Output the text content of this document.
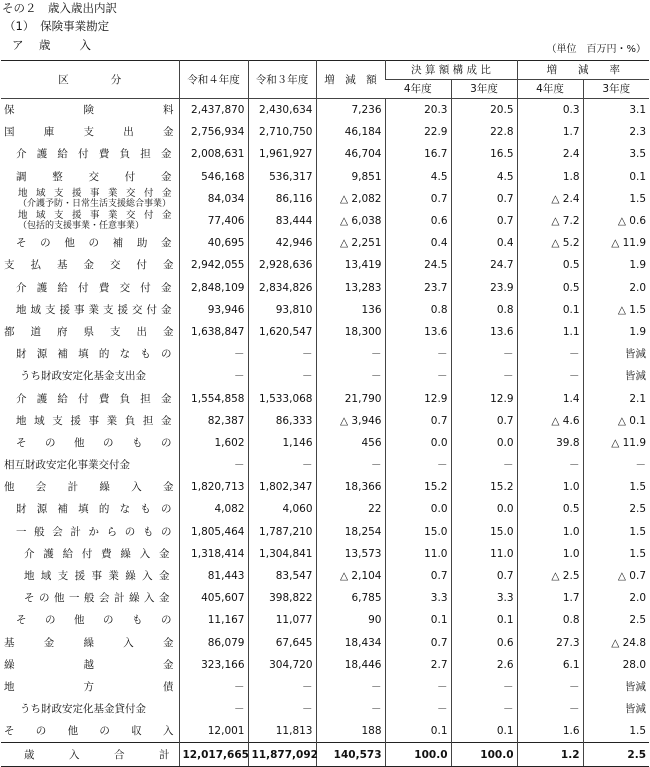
その２　歳入歳出内訳
（1）　保険事業勘定
ア　歳　　入	（単位　百万円・%）
区　　　　分	令和４年度	令和３年度	増　減　額	決 算 額 構 成 比		増　　減　　率	
				4年度	3年度	4年度	3年度

保険料	2,437,870	2,430,634	7,236	20.3	20.5	0.3	3.1

国庫支出金	2,756,934	2,710,750	46,184	22.9	22.8	1.7	2.3

介護給付費負担金	2,008,631	1,961,927	46,704	16.7	16.5	2.4	3.5

調整交付金	546,168	536,317	9,851	4.5	4.5	1.8	0.1

地域支援事業交付金
（介護予防・日常生活支援総合事業）	84,034	86,116	△ 2,082	0.7	0.7	△ 2.4	1.5

地域支援事業交付金
（包括的支援事業・任意事業）	77,406	83,444	△ 6,038	0.6	0.7	△ 7.2	△ 0.6

その他の補助金	40,695	42,946	△ 2,251	0.4	0.4	△ 5.2	△ 11.9

支払基金交付金	2,942,055	2,928,636	13,419	24.5	24.7	0.5	1.9

介護給付費交付金	2,848,109	2,834,826	13,283	23.7	23.9	0.5	2.0

地域支援事業支援交付金	93,946	93,810	136	0.8	0.8	0.1	△ 1.5

都道府県支出金	1,638,847	1,620,547	18,300	13.6	13.6	1.1	1.9

財源補填的なもの	－	－	－	－	－	－	皆減
うち財政安定化基金支出金	－	－	－	－	－	－	皆減

介護給付費負担金	1,554,858	1,533,068	21,790	12.9	12.9	1.4	2.1

地域支援事業負担金	82,387	86,333	△ 3,946	0.7	0.7	△ 4.6	△ 0.1

その他のもの	1,602	1,146	456	0.0	0.0	39.8	△ 11.9
相互財政安定化事業交付金	－	－	－	－	－	－	－

他会計繰入金	1,820,713	1,802,347	18,366	15.2	15.2	1.0	1.5

財源補填的なもの	4,082	4,060	22	0.0	0.0	0.5	2.5

一般会計からのもの	1,805,464	1,787,210	18,254	15.0	15.0	1.0	1.5

介護給付費繰入金	1,318,414	1,304,841	13,573	11.0	11.0	1.0	1.5

地域支援事業繰入金	81,443	83,547	△ 2,104	0.7	0.7	△ 2.5	△ 0.7

その他一般会計繰入金	405,607	398,822	6,785	3.3	3.3	1.7	2.0

その他のもの	11,167	11,077	90	0.1	0.1	0.8	2.5

基金繰入金	86,079	67,645	18,434	0.7	0.6	27.3	△ 24.8

繰越金	323,166	304,720	18,446	2.7	2.6	6.1	28.0

地方債	－	－	－	－	－	－	皆減
うち財政安定化基金貸付金	－	－	－	－	－	－	皆減

その他の収入	12,001	11,813	188	0.1	0.1	1.6	1.5

歳入合計	12,017,665	11,877,092	140,573	100.0	100.0	1.2	2.5
